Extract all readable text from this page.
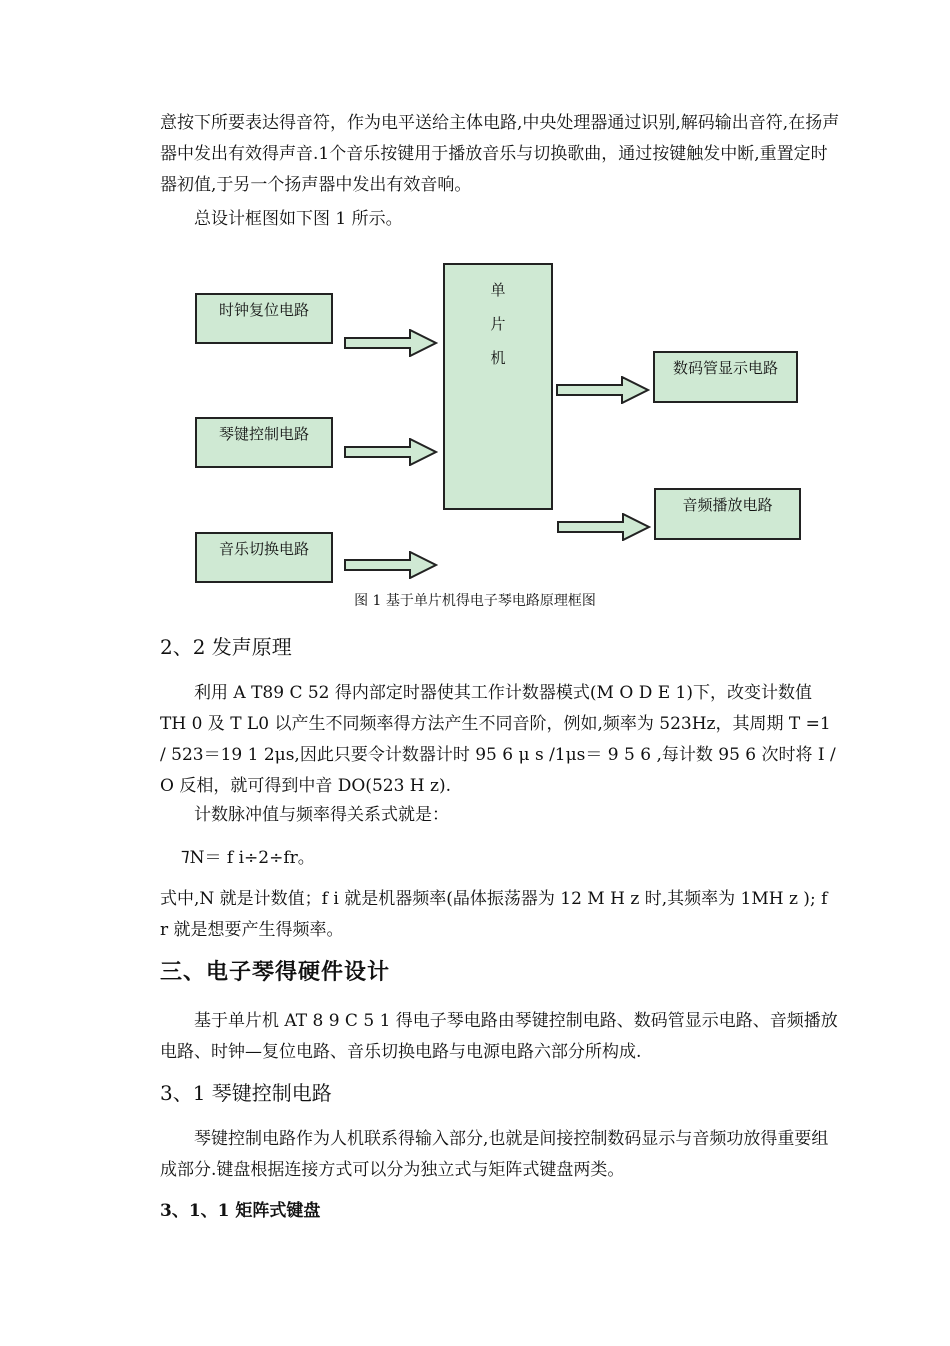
意按下所要表达得音符，作为电平送给主体电路,中央处理器通过识别,解码输出音符,在扬声器中发出有效得声音.1个音乐按键用于播放音乐与切换歌曲，通过按键触发中断,重置定时器初值,于另一个扬声器中发出有效音响。

总设计框图如下图 1 所示。

时钟复位电路
琴键控制电路
音乐切换电路
单
片
机
数码管显示电路
音频播放电路
图 1 基于单片机得电子琴电路原理框图
2、2 发声原理

利用 A T89 C 52 得内部定时器使其工作计数器模式(M O D E 1)下，改变计数值 TH 0 及 T L0 以产生不同频率得方法产生不同音阶，例如,频率为 523Hz，其周期 T =1 / 523＝19 1 2μs,因此只要令计数器计时 95 6 μ s /1μs＝ 9 5 6 ,每计数 95 6 次时将 I / O 反相，就可得到中音 DO(523 H z).

计数脉冲值与频率得关系式就是：

ᲄN＝ f i÷2÷fr。

式中,N 就是计数值；f i 就是机器频率(晶体振荡器为 12 M H z 时,其频率为 1MH z ); f r 就是想要产生得频率。

三、电子琴得硬件设计

基于单片机 AT 8 9 C 5 1 得电子琴电路由琴键控制电路、数码管显示电路、音频播放电路、时钟—复位电路、音乐切换电路与电源电路六部分所构成.

3、1 琴键控制电路

琴键控制电路作为人机联系得输入部分,也就是间接控制数码显示与音频功放得重要组成部分.键盘根据连接方式可以分为独立式与矩阵式键盘两类。

3、1、1 矩阵式键盘
